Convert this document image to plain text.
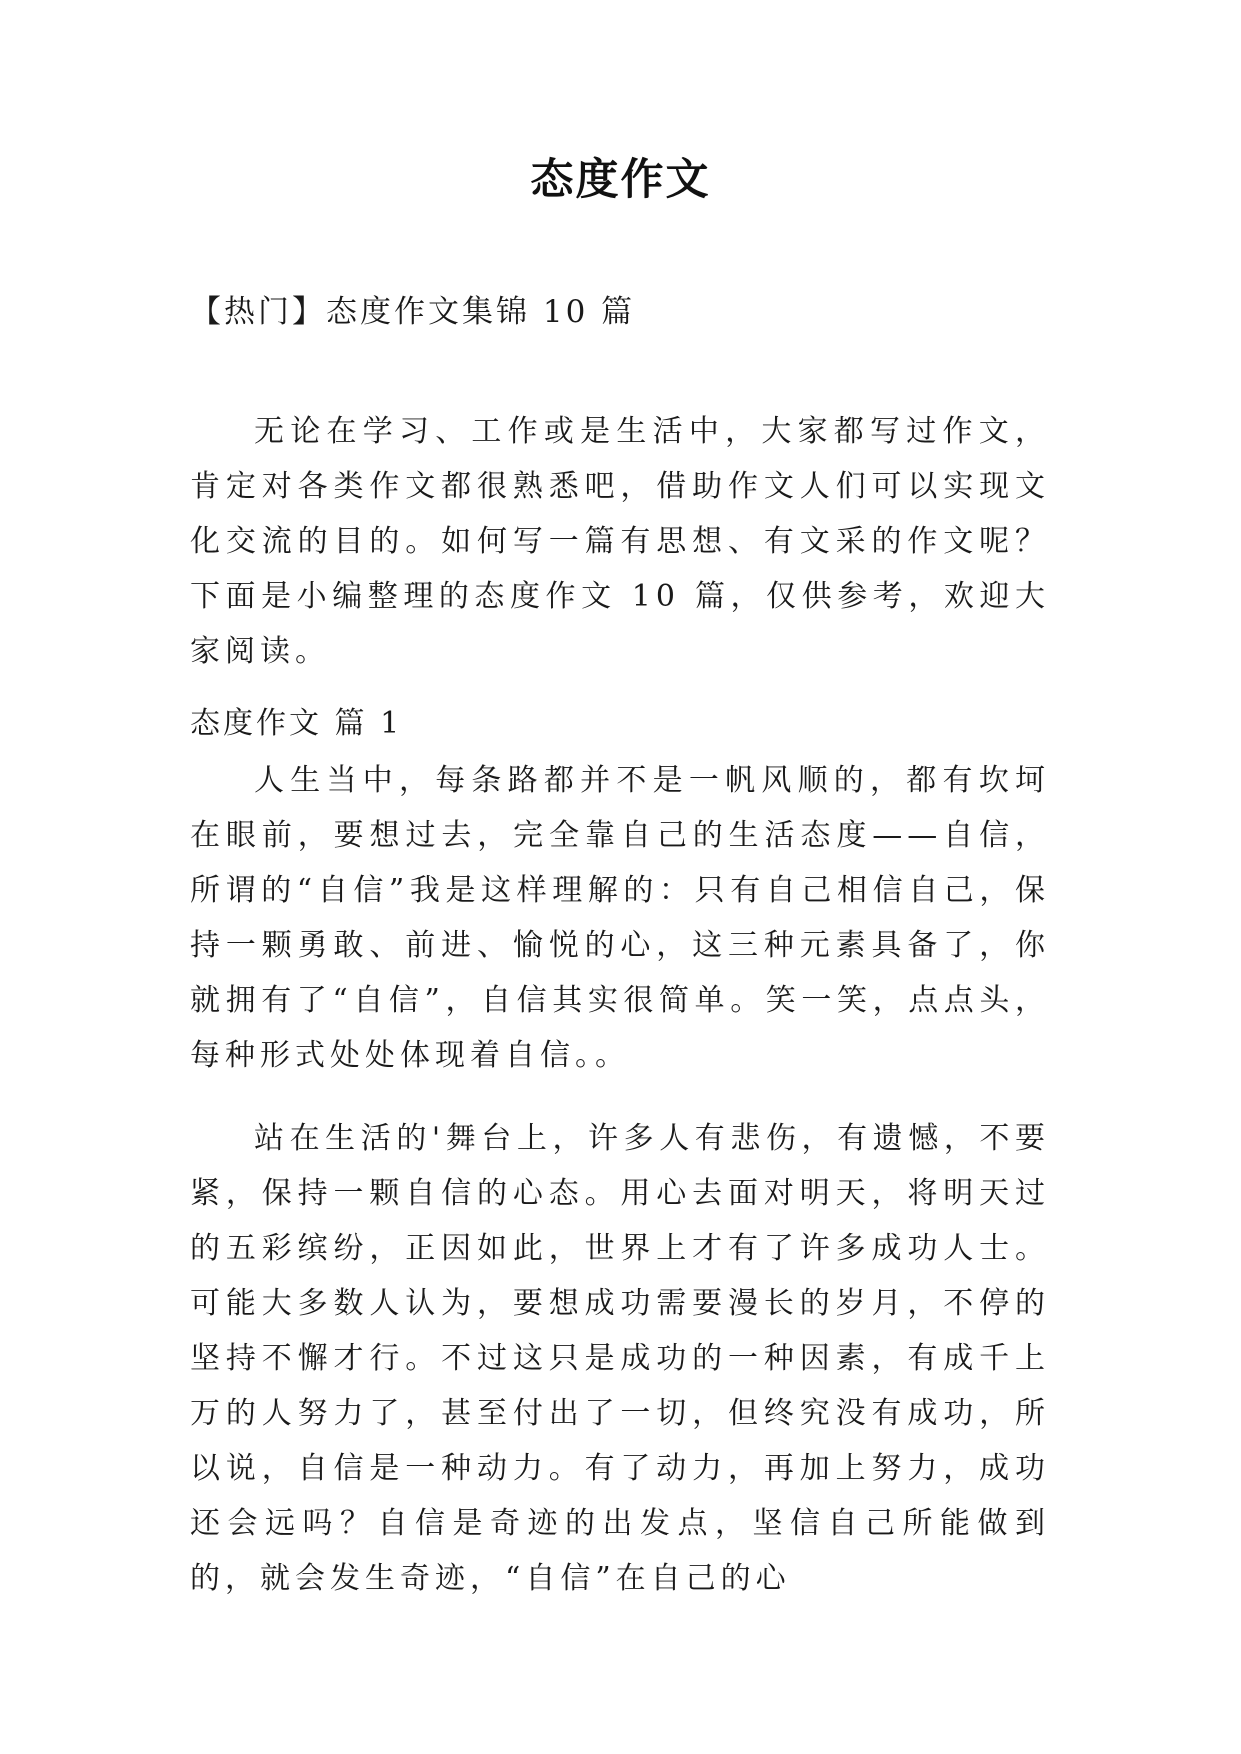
态度作文
【热门】态度作文集锦 10 篇

无论在学习、工作或是生活中，大家都写过作文，肯定对各类作文都很熟悉吧，借助作文人们可以实现文化交流的目的。如何写一篇有思想、有文采的作文呢？下面是小编整理的态度作文 10 篇，仅供参考，欢迎大家阅读。

态度作文 篇 1

人生当中，每条路都并不是一帆风顺的，都有坎坷在眼前，要想过去，完全靠自己的生活态度——自信，所谓的“自信”我是这样理解的：只有自己相信自己，保持一颗勇敢、前进、愉悦的心，这三种元素具备了，你就拥有了“自信”，自信其实很简单。笑一笑，点点头，每种形式处处体现着自信。。

站在生活的'舞台上，许多人有悲伤，有遗憾，不要紧，保持一颗自信的心态。用心去面对明天，将明天过的五彩缤纷，正因如此，世界上才有了许多成功人士。可能大多数人认为，要想成功需要漫长的岁月，不停的坚持不懈才行。不过这只是成功的一种因素，有成千上万的人努力了，甚至付出了一切，但终究没有成功，所以说，自信是一种动力。有了动力，再加上努力，成功还会远吗？自信是奇迹的出发点，坚信自己所能做到的，就会发生奇迹，“自信”在自己的心
